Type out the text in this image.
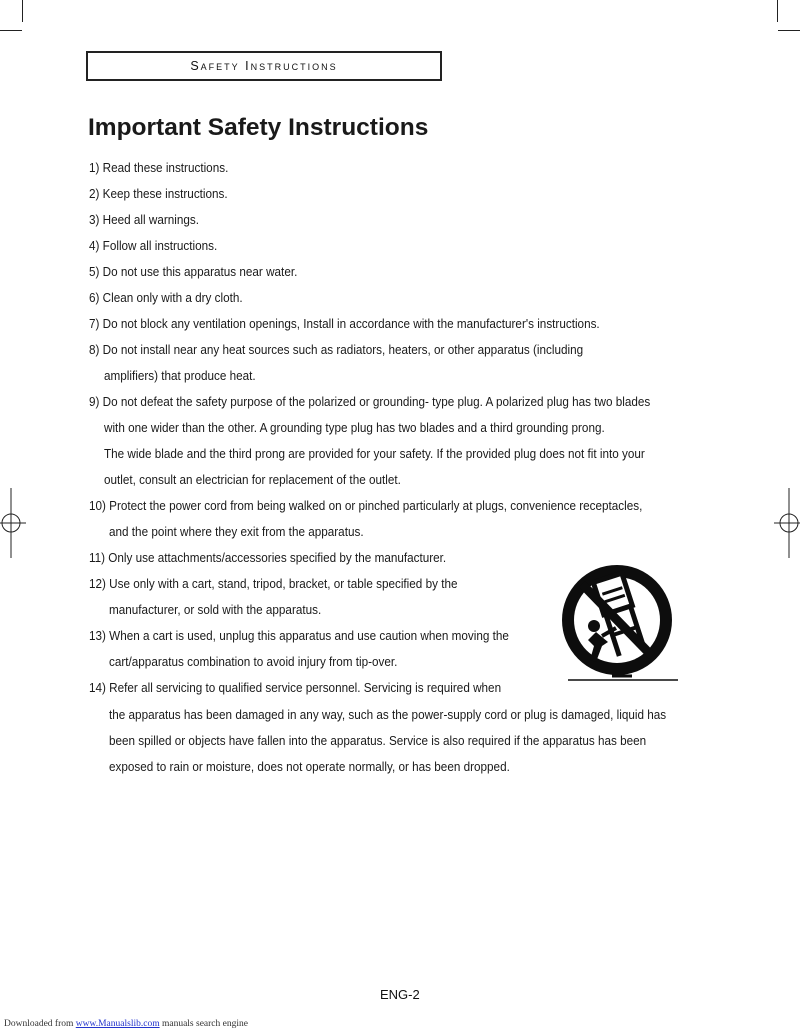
Safety Instructions
Important Safety Instructions
1) Read these instructions.
2) Keep these instructions.
3) Heed all warnings.
4) Follow all instructions.
5) Do not use this apparatus near water.
6) Clean only with a dry cloth.
7) Do not block any ventilation openings, Install in accordance with the manufacturer's instructions.
8) Do not install near any heat sources such as radiators, heaters, or other apparatus (including
amplifiers) that produce heat.
9) Do not defeat the safety purpose of the polarized or grounding- type plug. A polarized plug has two blades
with one wider than the other. A grounding type plug has two blades and a third grounding prong.
The wide blade and the third prong are provided for your safety. If the provided plug does not fit into your
outlet, consult an electrician for replacement of the outlet.
10) Protect the power cord from being walked on or pinched particularly at plugs, convenience receptacles,
and the point where they exit from the apparatus.
11) Only use attachments/accessories specified by the manufacturer.
12) Use only with a cart, stand, tripod, bracket, or table specified by the
manufacturer, or sold with the apparatus.
13) When a cart is used, unplug this apparatus and use caution when moving the
cart/apparatus combination to avoid injury from tip-over.
14) Refer all servicing to qualified service personnel. Servicing is required when
the apparatus has been damaged in any way, such as the power-supply cord or plug is damaged, liquid has
been spilled or objects have fallen into the apparatus. Service is also required if the apparatus has been
exposed to rain or moisture, does not operate normally, or has been dropped.
ENG-2
Downloaded from www.Manualslib.com manuals search engine
